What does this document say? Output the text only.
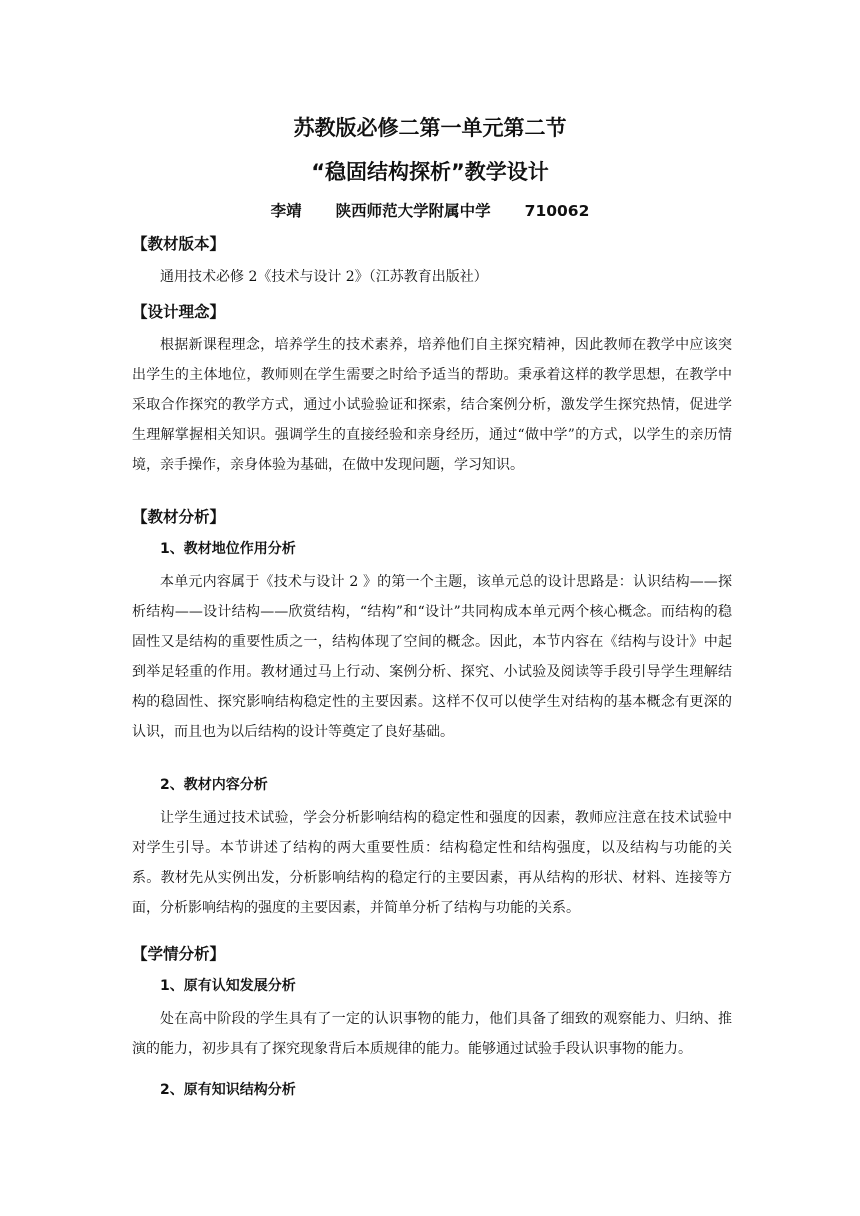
苏教版必修二第一单元第二节
“稳固结构探析”教学设计
李靖 陕西师范大学附属中学 710062
【教材版本】
通用技术必修 2《技术与设计 2》（江苏教育出版社）
【设计理念】
根据新课程理念，培养学生的技术素养，培养他们自主探究精神，因此教师在教学中应该突出学生的主体地位，教师则在学生需要之时给予适当的帮助。秉承着这样的教学思想，在教学中采取合作探究的教学方式，通过小试验验证和探索，结合案例分析，激发学生探究热情，促进学生理解掌握相关知识。强调学生的直接经验和亲身经历，通过“做中学”的方式，以学生的亲历情境，亲手操作，亲身体验为基础，在做中发现问题，学习知识。
【教材分析】
1、教材地位作用分析
本单元内容属于《技术与设计 2 》的第一个主题，该单元总的设计思路是：认识结构——探析结构——设计结构——欣赏结构，“结构”和“设计”共同构成本单元两个核心概念。而结构的稳固性又是结构的重要性质之一，结构体现了空间的概念。因此，本节内容在《结构与设计》中起到举足轻重的作用。教材通过马上行动、案例分析、探究、小试验及阅读等手段引导学生理解结构的稳固性、探究影响结构稳定性的主要因素。这样不仅可以使学生对结构的基本概念有更深的认识，而且也为以后结构的设计等奠定了良好基础。
2、教材内容分析
让学生通过技术试验，学会分析影响结构的稳定性和强度的因素，教师应注意在技术试验中对学生引导。本节讲述了结构的两大重要性质：结构稳定性和结构强度，以及结构与功能的关系。教材先从实例出发，分析影响结构的稳定行的主要因素，再从结构的形状、材料、连接等方面，分析影响结构的强度的主要因素，并简单分析了结构与功能的关系。
【学情分析】
1、原有认知发展分析
处在高中阶段的学生具有了一定的认识事物的能力，他们具备了细致的观察能力、归纳、推演的能力，初步具有了探究现象背后本质规律的能力。能够通过试验手段认识事物的能力。
2、原有知识结构分析
